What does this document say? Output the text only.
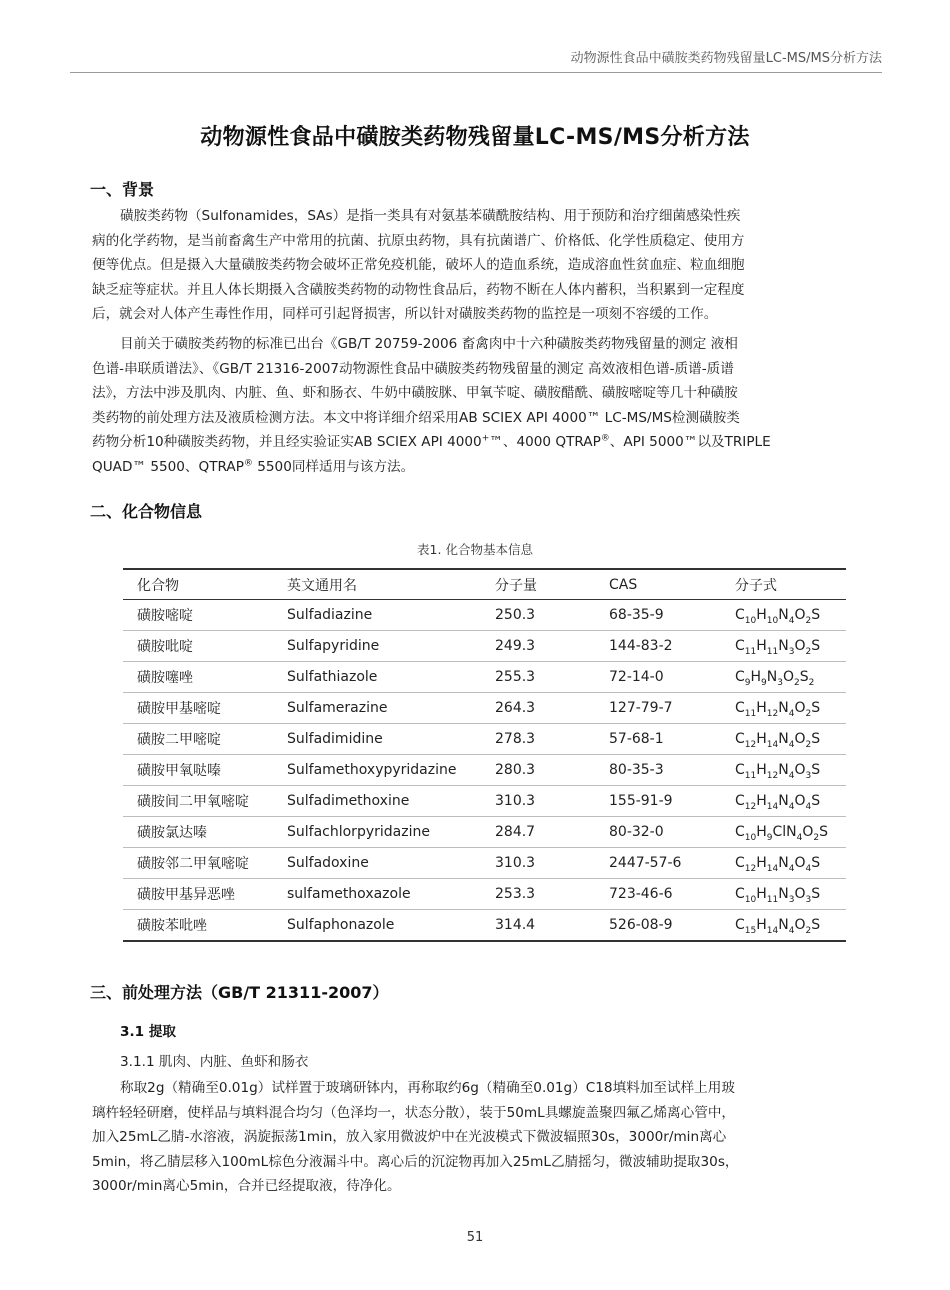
动物源性食品中磺胺类药物残留量LC-MS/MS分析方法
动物源性食品中磺胺类药物残留量LC-MS/MS分析方法
一、背景
磺胺类药物（Sulfonamides，SAs）是指一类具有对氨基苯磺酰胺结构、用于预防和治疗细菌感染性疾
病的化学药物，是当前畜禽生产中常用的抗菌、抗原虫药物，具有抗菌谱广、价格低、化学性质稳定、使用方
便等优点。但是摄入大量磺胺类药物会破坏正常免疫机能，破坏人的造血系统，造成溶血性贫血症、粒血细胞
缺乏症等症状。并且人体长期摄入含磺胺类药物的动物性食品后，药物不断在人体内蓄积，当积累到一定程度
后，就会对人体产生毒性作用，同样可引起肾损害，所以针对磺胺类药物的监控是一项刻不容缓的工作。
目前关于磺胺类药物的标准已出台《GB/T 20759-2006 畜禽肉中十六种磺胺类药物残留量的测定 液相
色谱-串联质谱法》、《GB/T 21316-2007动物源性食品中磺胺类药物残留量的测定 高效液相色谱-质谱-质谱
法》，方法中涉及肌肉、内脏、鱼、虾和肠衣、牛奶中磺胺脒、甲氧苄啶、磺胺醋酰、磺胺嘧啶等几十种磺胺
类药物的前处理方法及液质检测方法。本文中将详细介绍采用AB SCIEX API 4000™ LC-MS/MS检测磺胺类
药物分析10种磺胺类药物，并且经实验证实AB SCIEX API 4000+™、4000 QTRAP®、API 5000™以及TRIPLE
QUAD™ 5500、QTRAP® 5500同样适用与该方法。
二、化合物信息
表1. 化合物基本信息
化合物	英文通用名	分子量	CAS	分子式
磺胺嘧啶	Sulfadiazine	250.3	68-35-9	$C_{10}H_{10}N_4O_2S$
磺胺吡啶	Sulfapyridine	249.3	144-83-2	$C_{11}H_{11}N_3O_2S$
磺胺噻唑	Sulfathiazole	255.3	72-14-0	$C_9H_9N_3O_2S_2$
磺胺甲基嘧啶	Sulfamerazine	264.3	127-79-7	$C_{11}H_{12}N_4O_2S$
磺胺二甲嘧啶	Sulfadimidine	278.3	57-68-1	$C_{12}H_{14}N_4O_2S$
磺胺甲氧哒嗪	Sulfamethoxypyridazine	280.3	80-35-3	$C_{11}H_{12}N_4O_3S$
磺胺间二甲氧嘧啶	Sulfadimethoxine	310.3	155-91-9	$C_{12}H_{14}N_4O_4S$
磺胺氯达嗪	Sulfachlorpyridazine	284.7	80-32-0	$C_{10}H_9ClN_4O_2S$
磺胺邻二甲氧嘧啶	Sulfadoxine	310.3	2447-57-6	$C_{12}H_{14}N_4O_4S$
磺胺甲基异恶唑	sulfamethoxazole	253.3	723-46-6	$C_{10}H_{11}N_3O_3S$
磺胺苯吡唑	Sulfaphonazole	314.4	526-08-9	$C_{15}H_{14}N_4O_2S$
三、前处理方法（GB/T 21311-2007）
3.1 提取
3.1.1 肌肉、内脏、鱼虾和肠衣
称取2g（精确至0.01g）试样置于玻璃研钵内，再称取约6g（精确至0.01g）C18填料加至试样上用玻
璃杵轻轻研磨，使样品与填料混合均匀（色泽均一，状态分散），装于50mL具螺旋盖聚四氟乙烯离心管中，
加入25mL乙腈-水溶液，涡旋振荡1min，放入家用微波炉中在光波模式下微波辐照30s，3000r/min离心
5min，将乙腈层移入100mL棕色分液漏斗中。离心后的沉淀物再加入25mL乙腈摇匀，微波辅助提取30s，
3000r/min离心5min，合并已经提取液，待净化。
51
